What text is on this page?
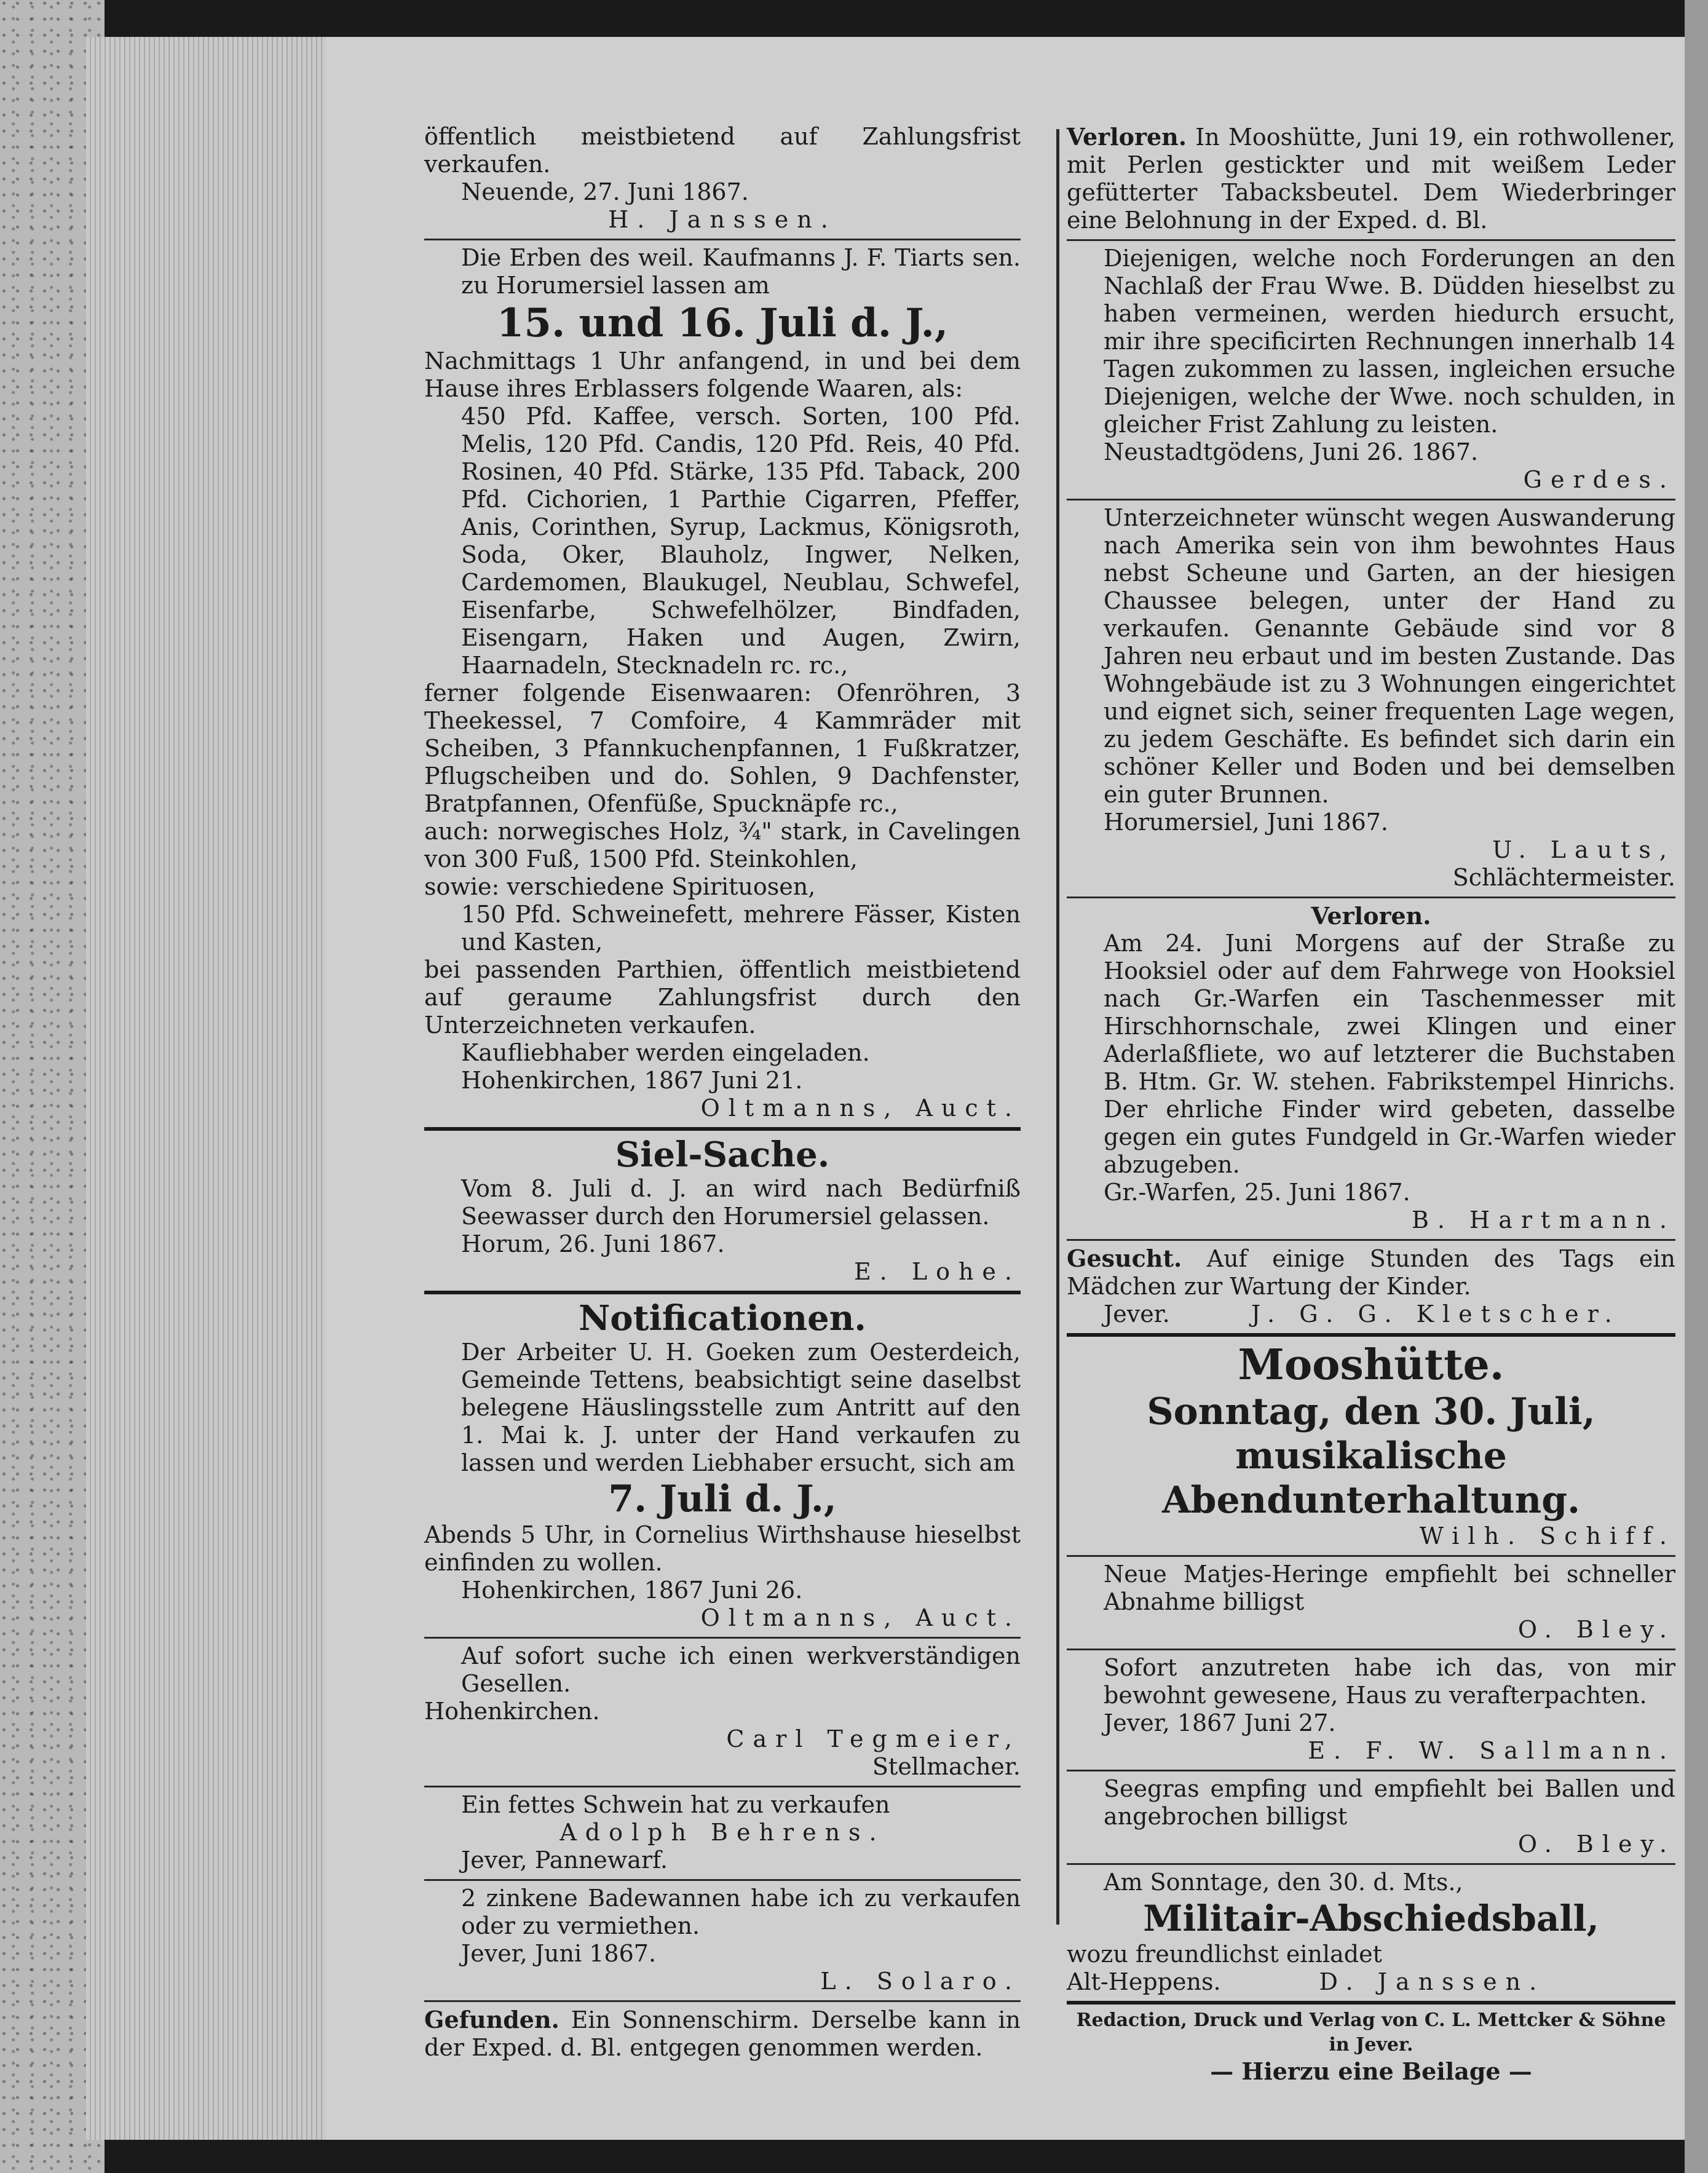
öffentlich meistbietend auf Zahlungsfrist verkaufen.

Neuende, 27. Juni 1867.

H. Janssen.

Die Erben des weil. Kaufmanns J. F. Tiarts sen. zu Horumersiel lassen am

15. und 16. Juli d. J.,

Nachmittags 1 Uhr anfangend, in und bei dem Hause ihres Erblassers folgende Waaren, als:

450 Pfd. Kaffee, versch. Sorten, 100 Pfd. Melis, 120 Pfd. Candis, 120 Pfd. Reis, 40 Pfd. Rosinen, 40 Pfd. Stärke, 135 Pfd. Taback, 200 Pfd. Cichorien, 1 Parthie Cigarren, Pfeffer, Anis, Corinthen, Syrup, Lackmus, Königsroth, Soda, Oker, Blauholz, Ingwer, Nelken, Cardemomen, Blaukugel, Neublau, Schwefel, Eisenfarbe, Schwefelhölzer, Bindfaden, Eisengarn, Haken und Augen, Zwirn, Haarnadeln, Stecknadeln rc. rc.,

ferner folgende Eisenwaaren: Ofenröhren, 3 Theekessel, 7 Comfoire, 4 Kammräder mit Scheiben, 3 Pfannkuchenpfannen, 1 Fußkratzer, Pflugscheiben und do. Sohlen, 9 Dachfenster, Bratpfannen, Ofenfüße, Spucknäpfe rc.,

auch: norwegisches Holz, ¾" stark, in Cavelingen von 300 Fuß, 1500 Pfd. Steinkohlen,

sowie: verschiedene Spirituosen,

150 Pfd. Schweinefett, mehrere Fässer, Kisten und Kasten,

bei passenden Parthien, öffentlich meistbietend auf geraume Zahlungsfrist durch den Unterzeichneten verkaufen.

Kaufliebhaber werden eingeladen.

Hohenkirchen, 1867 Juni 21.

Oltmanns, Auct.

Siel-Sache.

Vom 8. Juli d. J. an wird nach Bedürfniß Seewasser durch den Horumersiel gelassen.

Horum, 26. Juni 1867.

E. Lohe.

Notificationen.

Der Arbeiter U. H. Goeken zum Oesterdeich, Gemeinde Tettens, beabsichtigt seine daselbst belegene Häuslingsstelle zum Antritt auf den 1. Mai k. J. unter der Hand verkaufen zu lassen und werden Liebhaber ersucht, sich am

7. Juli d. J.,

Abends 5 Uhr, in Cornelius Wirthshause hieselbst einfinden zu wollen.

Hohenkirchen, 1867 Juni 26.

Oltmanns, Auct.

Auf sofort suche ich einen werkverständigen Gesellen.

Hohenkirchen.

Carl Tegmeier,

Stellmacher.

Ein fettes Schwein hat zu verkaufen

Adolph Behrens.

Jever, Pannewarf.

2 zinkene Badewannen habe ich zu verkaufen oder zu vermiethen.

Jever, Juni 1867.

L. Solaro.

Gefunden. Ein Sonnenschirm. Derselbe kann in der Exped. d. Bl. entgegen genommen werden.

Verloren. In Mooshütte, Juni 19, ein rothwollener, mit Perlen gestickter und mit weißem Leder gefütterter Tabacksbeutel. Dem Wiederbringer eine Belohnung in der Exped. d. Bl.

Diejenigen, welche noch Forderungen an den Nachlaß der Frau Wwe. B. Düdden hieselbst zu haben vermeinen, werden hiedurch ersucht, mir ihre specificirten Rechnungen innerhalb 14 Tagen zukommen zu lassen, ingleichen ersuche Diejenigen, welche der Wwe. noch schulden, in gleicher Frist Zahlung zu leisten.

Neustadtgödens, Juni 26. 1867.

Gerdes.

Unterzeichneter wünscht wegen Auswanderung nach Amerika sein von ihm bewohntes Haus nebst Scheune und Garten, an der hiesigen Chaussee belegen, unter der Hand zu verkaufen. Genannte Gebäude sind vor 8 Jahren neu erbaut und im besten Zustande. Das Wohngebäude ist zu 3 Wohnungen eingerichtet und eignet sich, seiner frequenten Lage wegen, zu jedem Geschäfte. Es befindet sich darin ein schöner Keller und Boden und bei demselben ein guter Brunnen.

Horumersiel, Juni 1867.

U. Lauts,

Schlächtermeister.

Verloren.

Am 24. Juni Morgens auf der Straße zu Hooksiel oder auf dem Fahrwege von Hooksiel nach Gr.-Warfen ein Taschenmesser mit Hirschhornschale, zwei Klingen und einer Aderlaßfliete, wo auf letzterer die Buchstaben B. Htm. Gr. W. stehen. Fabrikstempel Hinrichs. Der ehrliche Finder wird gebeten, dasselbe gegen ein gutes Fundgeld in Gr.-Warfen wieder abzugeben.

Gr.-Warfen, 25. Juni 1867.

B. Hartmann.

Gesucht. Auf einige Stunden des Tags ein Mädchen zur Wartung der Kinder.

Jever.	J. G. G. Kletscher.

Mooshütte.

Sonntag, den 30. Juli,

musikalische Abendunterhaltung.

Wilh. Schiff.

Neue Matjes-Heringe empfiehlt bei schneller Abnahme billigst

O. Bley.

Sofort anzutreten habe ich das, von mir bewohnt gewesene, Haus zu verafterpachten.

Jever, 1867 Juni 27.

E. F. W. Sallmann.

Seegras empfing und empfiehlt bei Ballen und angebrochen billigst

O. Bley.

Am Sonntage, den 30. d. Mts.,

Militair-Abschiedsball,

wozu freundlichst einladet

Alt-Heppens.	D. Janssen.

Redaction, Druck und Verlag von C. L. Mettcker & Söhne in Jever.

— Hierzu eine Beilage —
